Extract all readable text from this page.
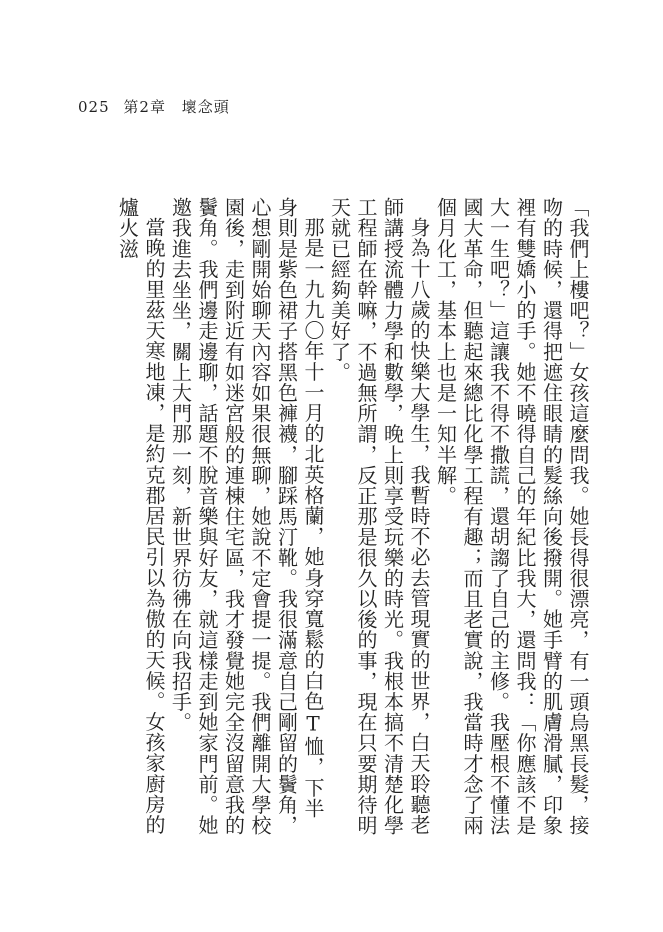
025 第2章 壞念頭

「我們上樓吧？」女孩這麼問我。她長得很漂亮，有一頭烏黑長髮，接吻的時候，還得把遮住眼睛的髮絲向後撥開。她手臂的肌膚滑膩，印象裡有雙嬌小的手。她不曉得自己的年紀比我大，還問我：「你應該不是大一生吧？」這讓我不得不撒謊，還胡謅了自己的主修。我壓根不懂法國大革命，但聽起來總比化學工程有趣；而且老實說，我當時才念了兩個月化工，基本上也是一知半解。

身為十八歲的快樂大學生，我暫時不必去管現實的世界，白天聆聽老師講授流體力學和數學，晚上則享受玩樂的時光。我根本搞不清楚化學工程師在幹嘛，不過無所謂，反正那是很久以後的事，現在只要期待明天就已經夠美好了。

那是一九九〇年十一月的北英格蘭，她身穿寬鬆的白色T恤，下半身則是紫色裙子搭黑色褲襪，腳踩馬汀靴。我很滿意自己剛留的鬢角，心想剛開始聊天內容如果很無聊，她說不定會提一提。我們離開大學校園後，走到附近有如迷宮般的連棟住宅區，我才發覺她完全沒留意我的鬢角。我們邊走邊聊，話題不脫音樂與好友，就這樣走到她家門前。她邀我進去坐坐，關上大門那一刻，新世界彷彿在向我招手。

當晚的里茲天寒地凍，是約克郡居民引以為傲的天候。女孩家廚房的爐火滋
